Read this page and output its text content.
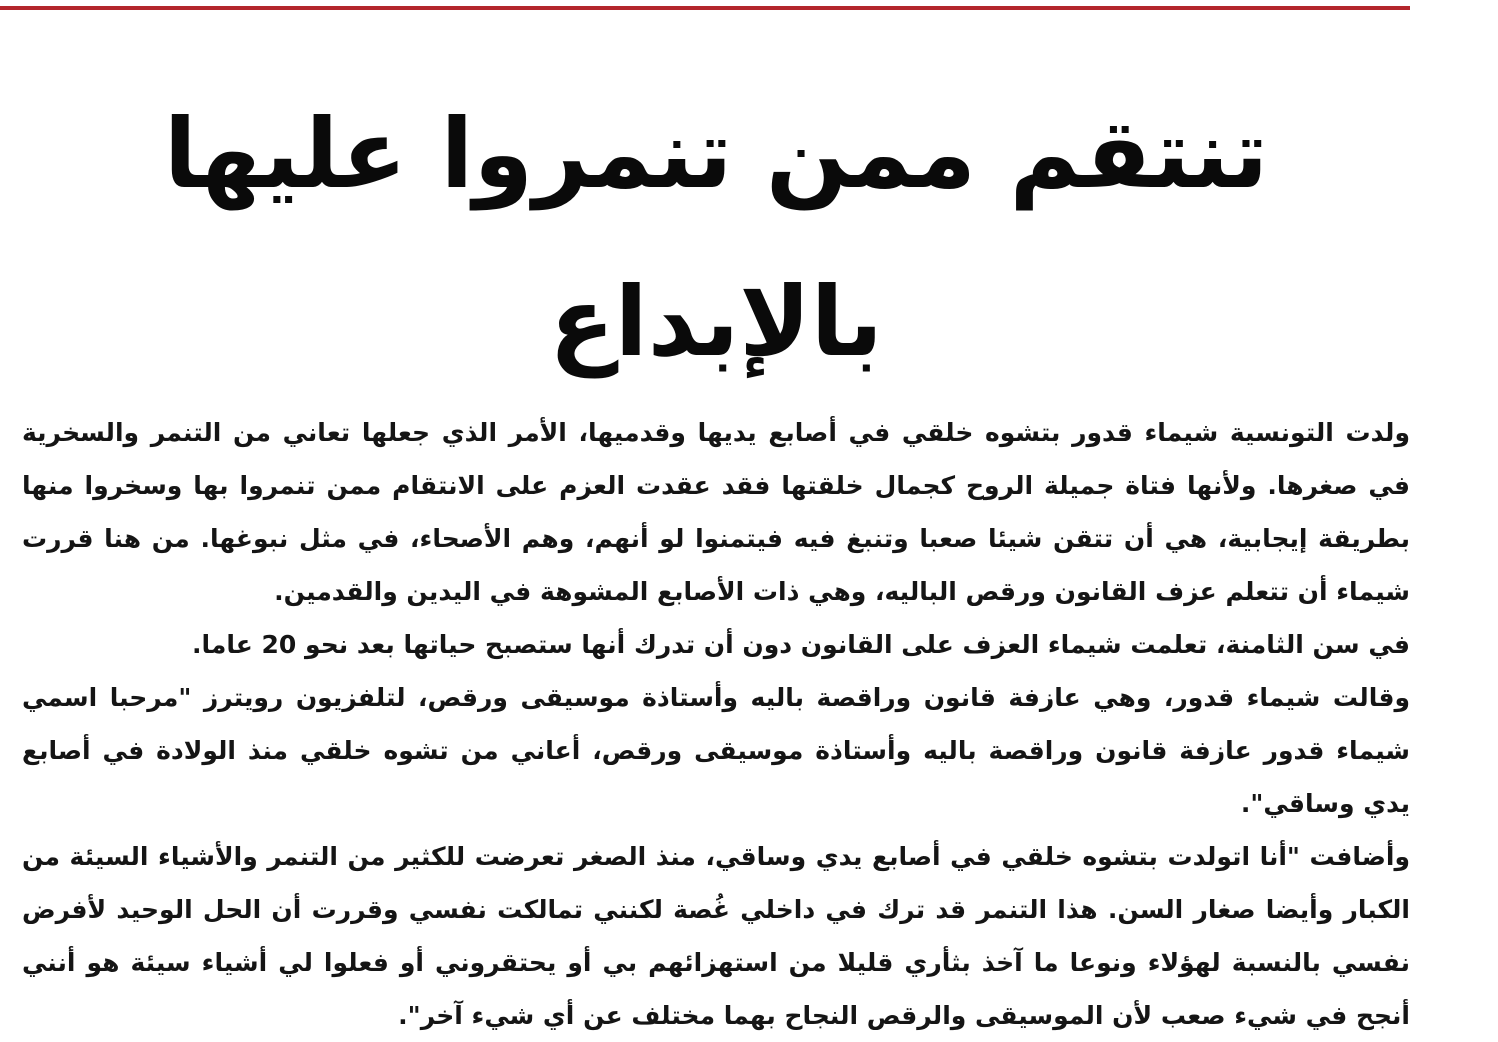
تنتقم ممن تنمروا عليها بالإبداع

ولدت التونسية شيماء قدور بتشوه خلقي في أصابع يديها وقدميها، الأمر الذي جعلها تعاني من التنمر والسخرية في صغرها. ولأنها فتاة جميلة الروح كجمال خلقتها فقد عقدت العزم على الانتقام ممن تنمروا بها وسخروا منها بطريقة إيجابية، هي أن تتقن شيئا صعبا وتنبغ فيه فيتمنوا لو أنهم، وهم الأصحاء، في مثل نبوغها. من هنا قررت شيماء أن تتعلم عزف القانون ورقص الباليه، وهي ذات الأصابع المشوهة في اليدين والقدمين.

في سن الثامنة، تعلمت شيماء العزف على القانون دون أن تدرك أنها ستصبح حياتها بعد نحو 20 عاما.

وقالت شيماء قدور، وهي عازفة قانون وراقصة باليه وأستاذة موسيقى ورقص، لتلفزيون رويترز "مرحبا اسمي شيماء قدور عازفة قانون وراقصة باليه وأستاذة موسيقى ورقص، أعاني من تشوه خلقي منذ الولادة في أصابع يدي وساقي".

وأضافت "أنا اتولدت بتشوه خلقي في أصابع يدي وساقي، منذ الصغر تعرضت للكثير من التنمر والأشياء السيئة من الكبار وأيضا صغار السن. هذا التنمر قد ترك في داخلي غُصة لكنني تمالكت نفسي وقررت أن الحل الوحيد لأفرض نفسي بالنسبة لهؤلاء ونوعا ما آخذ بثأري قليلا من استهزائهم بي أو يحتقروني أو فعلوا لي أشياء سيئة هو أنني أنجح في شيء صعب لأن الموسيقى والرقص النجاح بهما مختلف عن أي شيء آخر".
